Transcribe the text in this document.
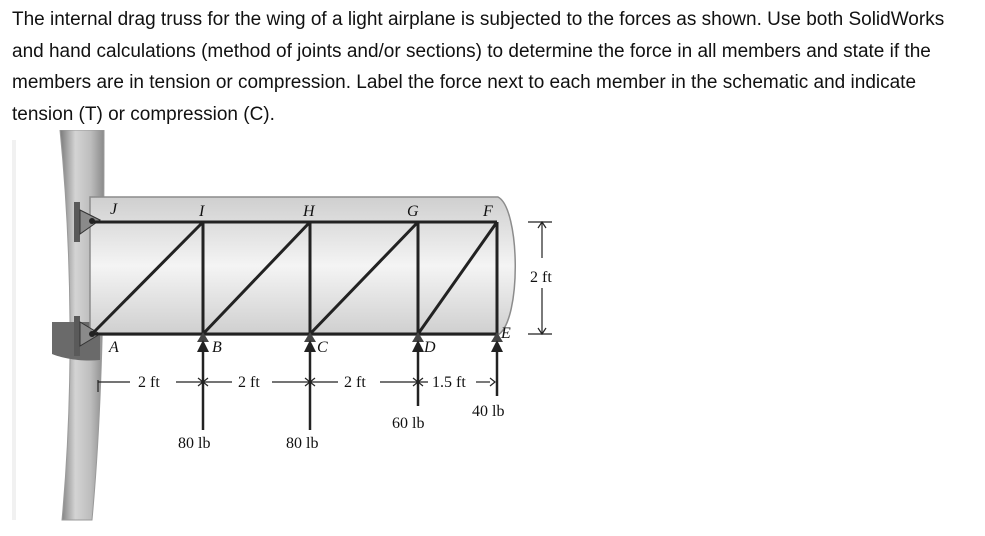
The internal drag truss for the wing of a light airplane is subjected to the forces as shown. Use both SolidWorks and hand calculations (method of joints and/or sections) to determine the force in all members and state if the members are in tension or compression. Label the force next to each member in the schematic and indicate tension (T) or compression (C).

J	I	H	G	F
A	B	C	D
E
2 ft	2 ft	2 ft	1.5 ft
2 ft
80 lb	80 lb
60 lb
40 lb
